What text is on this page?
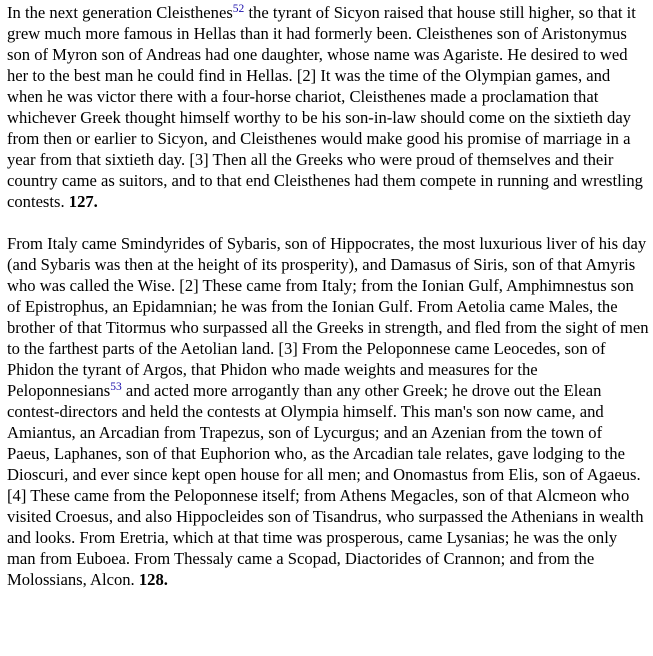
In the next generation Cleisthenes$^{52}$ the tyrant of Sicyon raised that house still higher, so that it grew much more famous in Hellas than it had formerly been. Cleisthenes son of Aristonymus son of Myron son of Andreas had one daughter, whose name was Agariste. He desired to wed her to the best man he could find in Hellas. [2] It was the time of the Olympian games, and when he was victor there with a four-horse chariot, Cleisthenes made a proclamation that whichever Greek thought himself worthy to be his son-in-law should come on the sixtieth day from then or earlier to Sicyon, and Cleisthenes would make good his promise of marriage in a year from that sixtieth day. [3] Then all the Greeks who were proud of themselves and their country came as suitors, and to that end Cleisthenes had them compete in running and wrestling contests. 127.

From Italy came Smindyrides of Sybaris, son of Hippocrates, the most luxurious liver of his day (and Sybaris was then at the height of its prosperity), and Damasus of Siris, son of that Amyris who was called the Wise. [2] These came from Italy; from the Ionian Gulf, Amphimnestus son of Epistrophus, an Epidamnian; he was from the Ionian Gulf. From Aetolia came Males, the brother of that Titormus who surpassed all the Greeks in strength, and fled from the sight of men to the farthest parts of the Aetolian land. [3] From the Peloponnese came Leocedes, son of Phidon the tyrant of Argos, that Phidon who made weights and measures for the Peloponnesians$^{53}$ and acted more arrogantly than any other Greek; he drove out the Elean contest-directors and held the contests at Olympia himself. This man's son now came, and Amiantus, an Arcadian from Trapezus, son of Lycurgus; and an Azenian from the town of Paeus, Laphanes, son of that Euphorion who, as the Arcadian tale relates, gave lodging to the Dioscuri, and ever since kept open house for all men; and Onomastus from Elis, son of Agaeus. [4] These came from the Peloponnese itself; from Athens Megacles, son of that Alcmeon who visited Croesus, and also Hippocleides son of Tisandrus, who surpassed the Athenians in wealth and looks. From Eretria, which at that time was prosperous, came Lysanias; he was the only man from Euboea. From Thessaly came a Scopad, Diactorides of Crannon; and from the Molossians, Alcon. 128.
